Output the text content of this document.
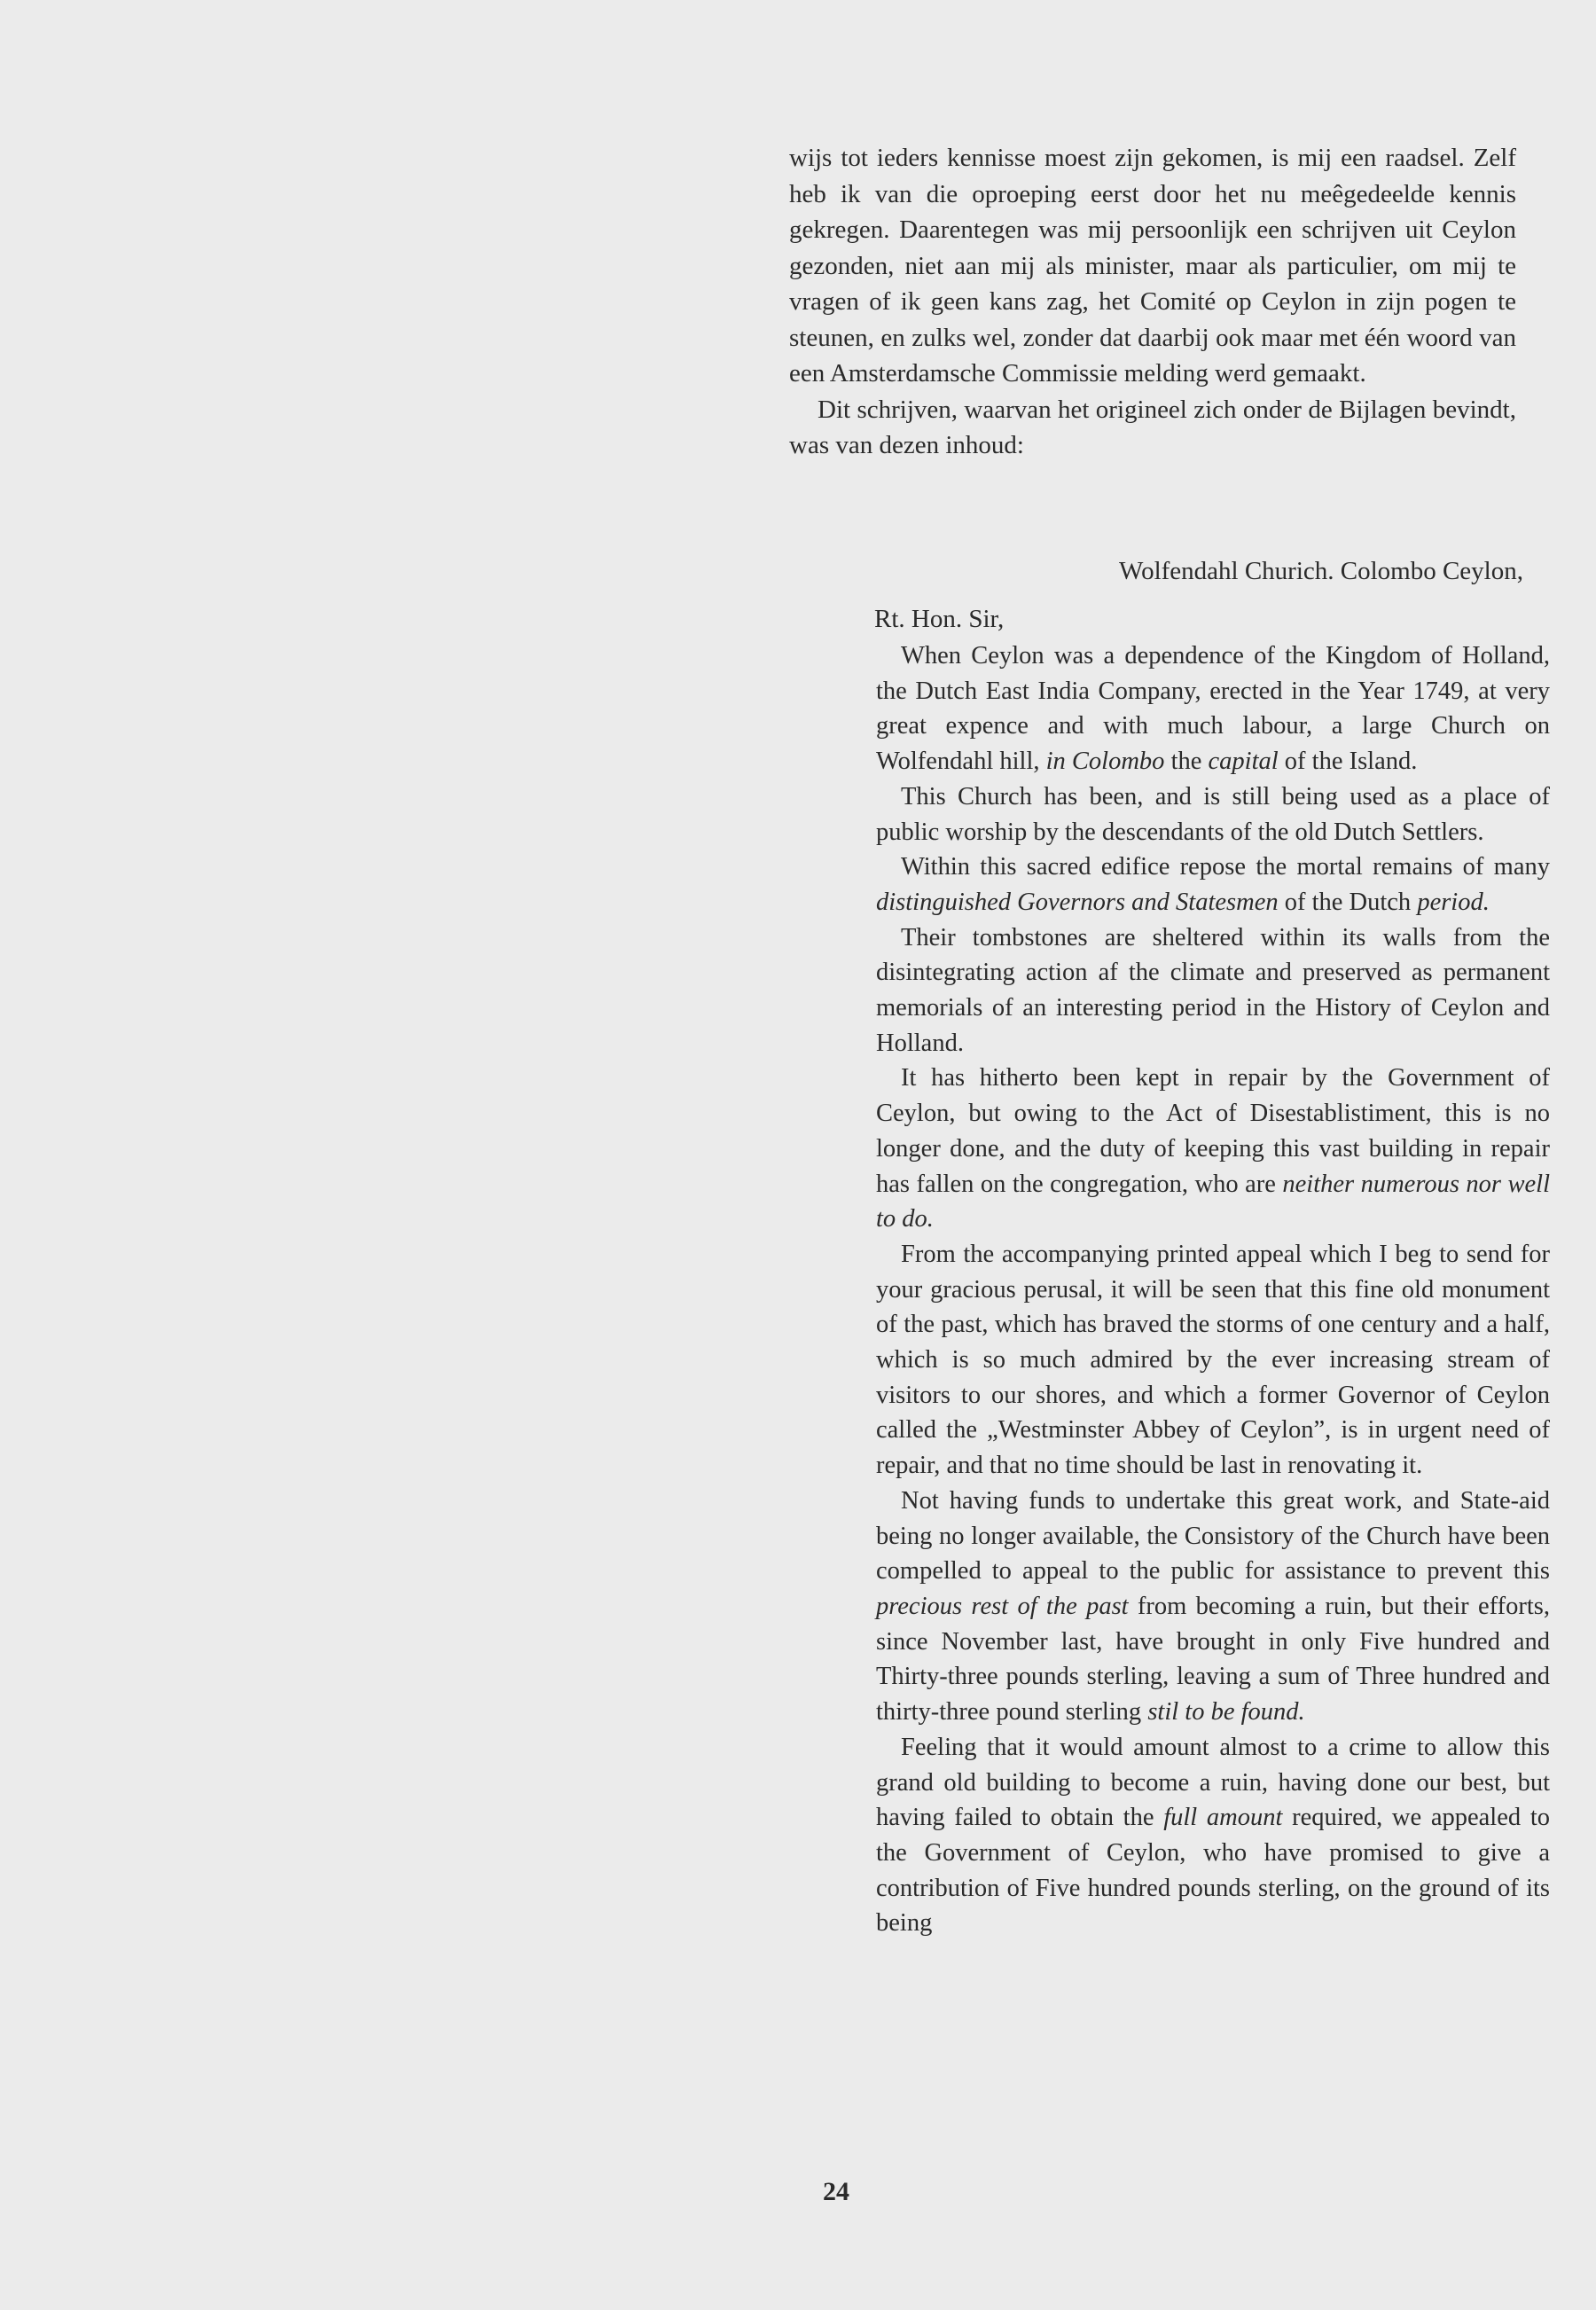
wijs tot ieders kennisse moest zijn gekomen, is mij een raadsel. Zelf heb ik van die oproeping eerst door het nu meêgedeelde kennis gekregen. Daarentegen was mij persoonlijk een schrijven uit Ceylon gezonden, niet aan mij als minister, maar als particulier, om mij te vragen of ik geen kans zag, het Comité op Ceylon in zijn pogen te steunen, en zulks wel, zonder dat daarbij ook maar met één woord van een Amsterdamsche Commissie melding werd gemaakt.

Dit schrijven, waarvan het origineel zich onder de Bijlagen bevindt, was van dezen inhoud:

Wolfendahl Churich. Colombo Ceylon,
Rt. Hon. Sir,

When Ceylon was a dependence of the Kingdom of Holland, the Dutch East India Company, erected in the Year 1749, at very great expence and with much labour, a large Church on Wolfendahl hill, in Colombo the capital of the Island.

This Church has been, and is still being used as a place of public worship by the descendants of the old Dutch Settlers.

Within this sacred edifice repose the mortal remains of many distinguished Governors and Statesmen of the Dutch period.

Their tombstones are sheltered within its walls from the disintegrating action af the climate and preserved as permanent memorials of an interesting period in the History of Ceylon and Holland.

It has hitherto been kept in repair by the Government of Ceylon, but owing to the Act of Disestablistiment, this is no longer done, and the duty of keeping this vast building in repair has fallen on the congregation, who are neither numerous nor well to do.

From the accompanying printed appeal which I beg to send for your gracious perusal, it will be seen that this fine old monument of the past, which has braved the storms of one century and a half, which is so much admired by the ever increasing stream of visitors to our shores, and which a former Governor of Ceylon called the „Westminster Abbey of Ceylon”, is in urgent need of repair, and that no time should be last in renovating it.

Not having funds to undertake this great work, and State-aid being no longer available, the Consistory of the Church have been compelled to appeal to the public for assistance to prevent this precious rest of the past from becoming a ruin, but their efforts, since November last, have brought in only Five hundred and Thirty-three pounds sterling, leaving a sum of Three hundred and thirty-three pound sterling stil to be found.

Feeling that it would amount almost to a crime to allow this grand old building to become a ruin, having done our best, but having failed to obtain the full amount required, we appealed to the Government of Ceylon, who have promised to give a contribution of Five hundred pounds sterling, on the ground of its being

24
